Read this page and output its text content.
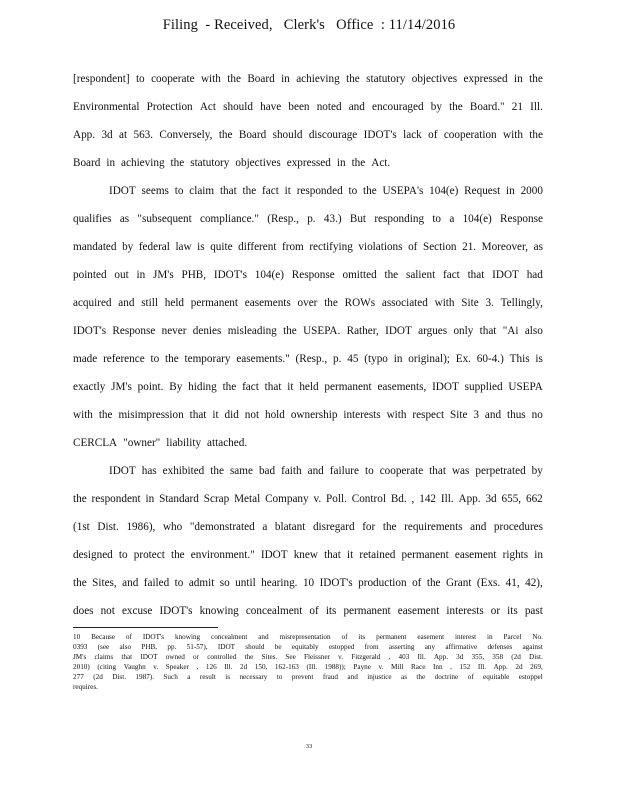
Filing  - Received,   Clerk's   Office  : 11/14/2016
[respondent] to cooperate with the Board in achieving the statutory objectives expressed in the
Environmental Protection Act should have been noted and encouraged by the Board." 21 Ill.
App. 3d at 563. Conversely, the Board should discourage IDOT's lack of cooperation with the
Board in achieving the statutory objectives expressed in the Act.
IDOT seems to claim that the fact it responded to the USEPA's 104(e) Request in 2000
qualifies as "subsequent compliance." (Resp., p. 43.) But responding to a 104(e) Response
mandated by federal law is quite different from rectifying violations of Section 21. Moreover, as
pointed out in JM's PHB, IDOT's 104(e) Response omitted the salient fact that IDOT had
acquired and still held permanent easements over the ROWs associated with Site 3. Tellingly,
IDOT's Response never denies misleading the USEPA. Rather, IDOT argues only that "Ai also
made reference to the temporary easements." (Resp., p. 45 (typo in original); Ex. 60-4.) This is
exactly JM's point. By hiding the fact that it held permanent easements, IDOT supplied USEPA
with the misimpression that it did not hold ownership interests with respect Site 3 and thus no
CERCLA "owner" liability attached.
IDOT has exhibited the same bad faith and failure to cooperate that was perpetrated by
the respondent in Standard Scrap Metal Company v. Poll. Control Bd. , 142 Ill. App. 3d 655, 662
(1st Dist. 1986), who "demonstrated a blatant disregard for the requirements and procedures
designed to protect the environment." IDOT knew that it retained permanent easement rights in
the Sites, and failed to admit so until hearing. 10 IDOT's production of the Grant (Exs. 41, 42),
does not excuse IDOT's knowing concealment of its permanent easement interests or its past
10 Because of IDOT's knowing concealment and misrepresentation of its permanent easement interest in Parcel No.
0393 (see also PHB, pp. 51-57), IDOT should be equitably estopped from asserting any affirmative defenses against
JM's claims that IDOT owned or controlled the Sites. See Fleissner v. Fitzgerald , 403 Ill. App. 3d 355, 358 (2d Dist.
2010) (citing Vaughn v. Speaker , 126 Ill. 2d 150, 162-163 (Ill. 1988)); Payne v. Mill Race Inn , 152 Ill. App. 2d 269,
277 (2d Dist. 1987). Such a result is necessary to prevent fraud and injustice as the doctrine of equitable estoppel
requires.
33
